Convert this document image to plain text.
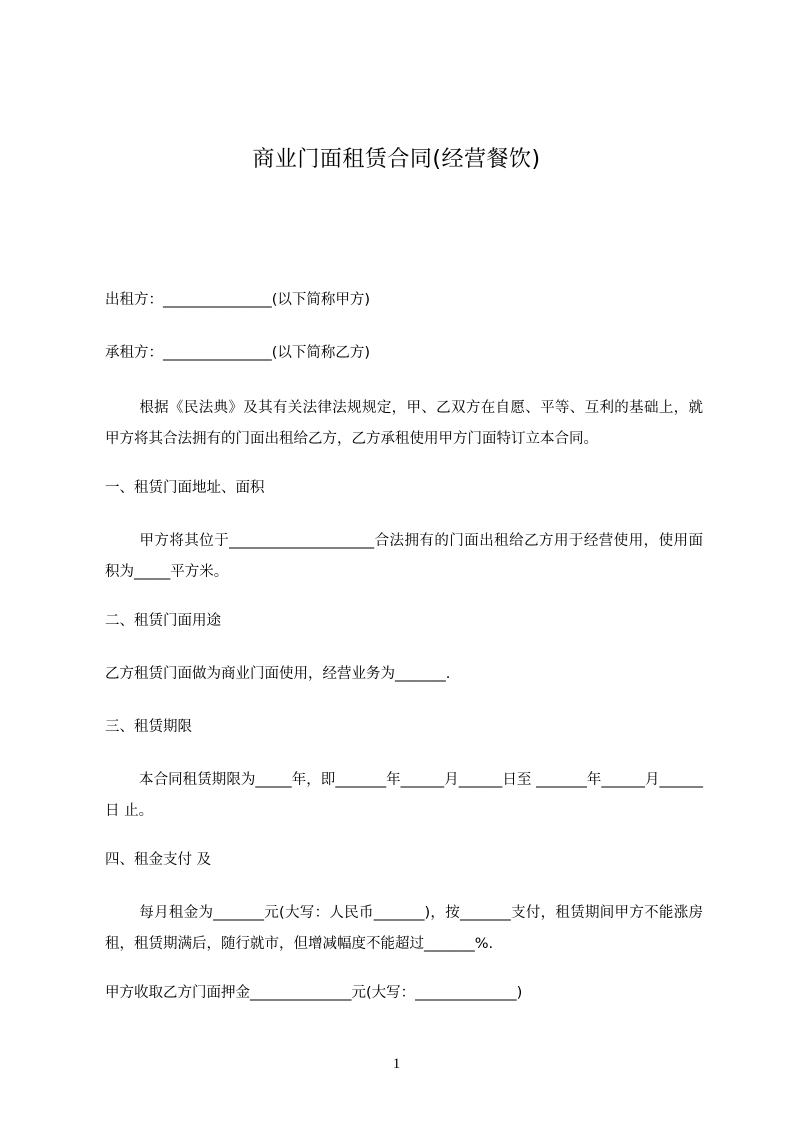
商业门面租赁合同(经营餐饮)
出租方：_______________(以下简称甲方)
承租方：_______________(以下简称乙方)
根据《民法典》及其有关法律法规规定，甲、乙双方在自愿、平等、互利的基础上，就甲方将其合法拥有的门面出租给乙方，乙方承租使用甲方门面特订立本合同。
一、租赁门面地址、面积
甲方将其位于____________________合法拥有的门面出租给乙方用于经营使用，使用面积为_____平方米。
二、租赁门面用途
乙方租赁门面做为商业门面使用，经营业务为_______.
三、租赁期限
本合同租赁期限为_____年，即_______年______月______日至 _______年______月______日 止。
四、租金支付 及
每月租金为_______元(大写：人民币_______)，按_______支付，租赁期间甲方不能涨房租，租赁期满后，随行就市，但增减幅度不能超过_______%.
甲方收取乙方门面押金______________元(大写：______________)
1
